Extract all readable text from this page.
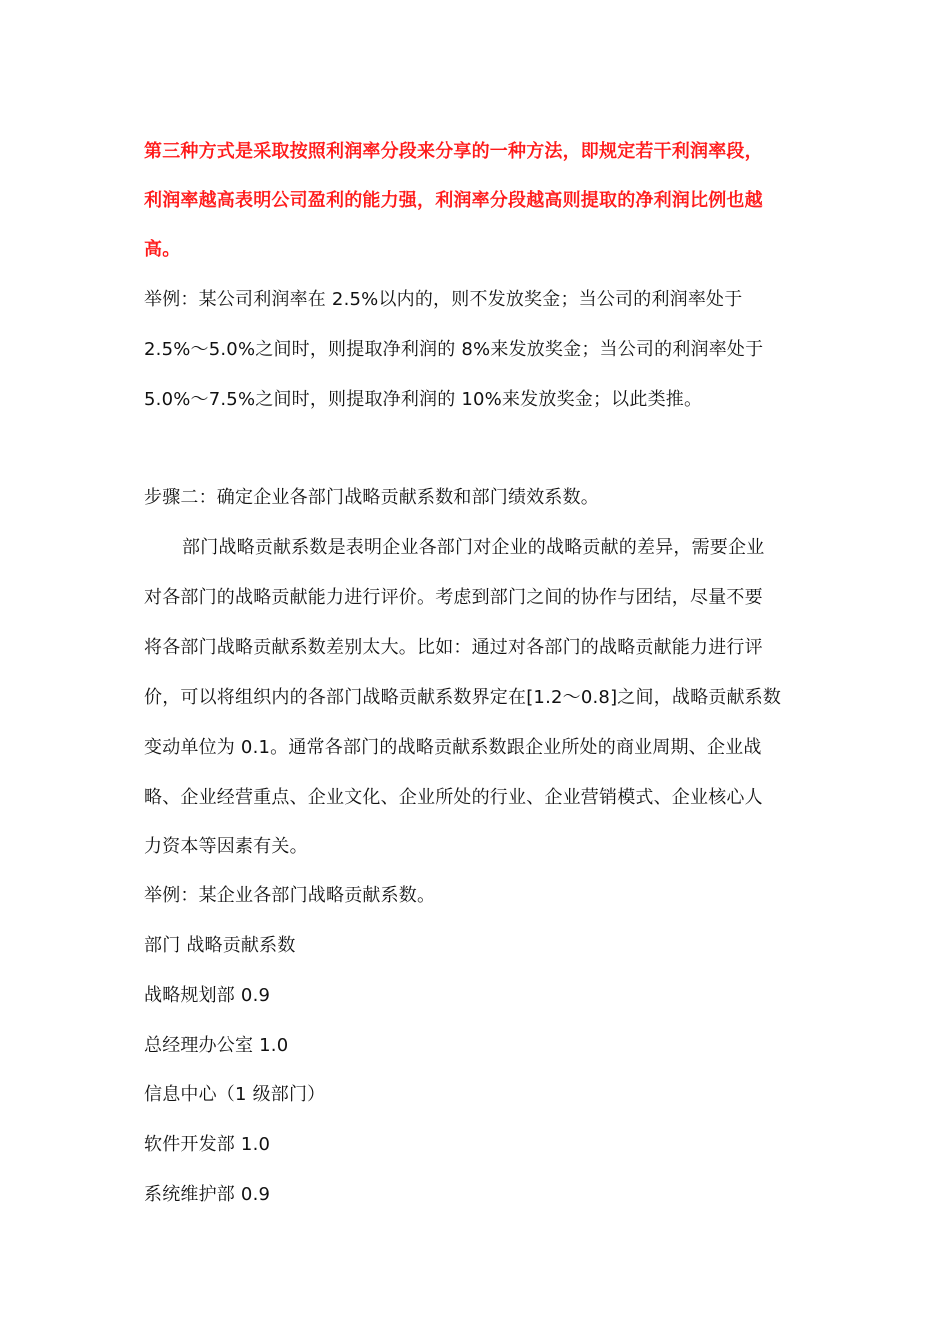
第三种方式是采取按照利润率分段来分享的一种方法，即规定若干利润率段，
利润率越高表明公司盈利的能力强，利润率分段越高则提取的净利润比例也越
高。
举例：某公司利润率在 2.5%以内的，则不发放奖金；当公司的利润率处于
2.5%～5.0%之间时，则提取净利润的 8%来发放奖金；当公司的利润率处于
5.0%～7.5%之间时，则提取净利润的 10%来发放奖金；以此类推。
步骤二：确定企业各部门战略贡献系数和部门绩效系数。
部门战略贡献系数是表明企业各部门对企业的战略贡献的差异，需要企业
对各部门的战略贡献能力进行评价。考虑到部门之间的协作与团结，尽量不要
将各部门战略贡献系数差别太大。比如：通过对各部门的战略贡献能力进行评
价，可以将组织内的各部门战略贡献系数界定在[1.2～0.8]之间，战略贡献系数
变动单位为 0.1。通常各部门的战略贡献系数跟企业所处的商业周期、企业战
略、企业经营重点、企业文化、企业所处的行业、企业营销模式、企业核心人
力资本等因素有关。
举例：某企业各部门战略贡献系数。
部门 战略贡献系数
战略规划部 0.9
总经理办公室 1.0
信息中心（1 级部门）
软件开发部 1.0
系统维护部 0.9
